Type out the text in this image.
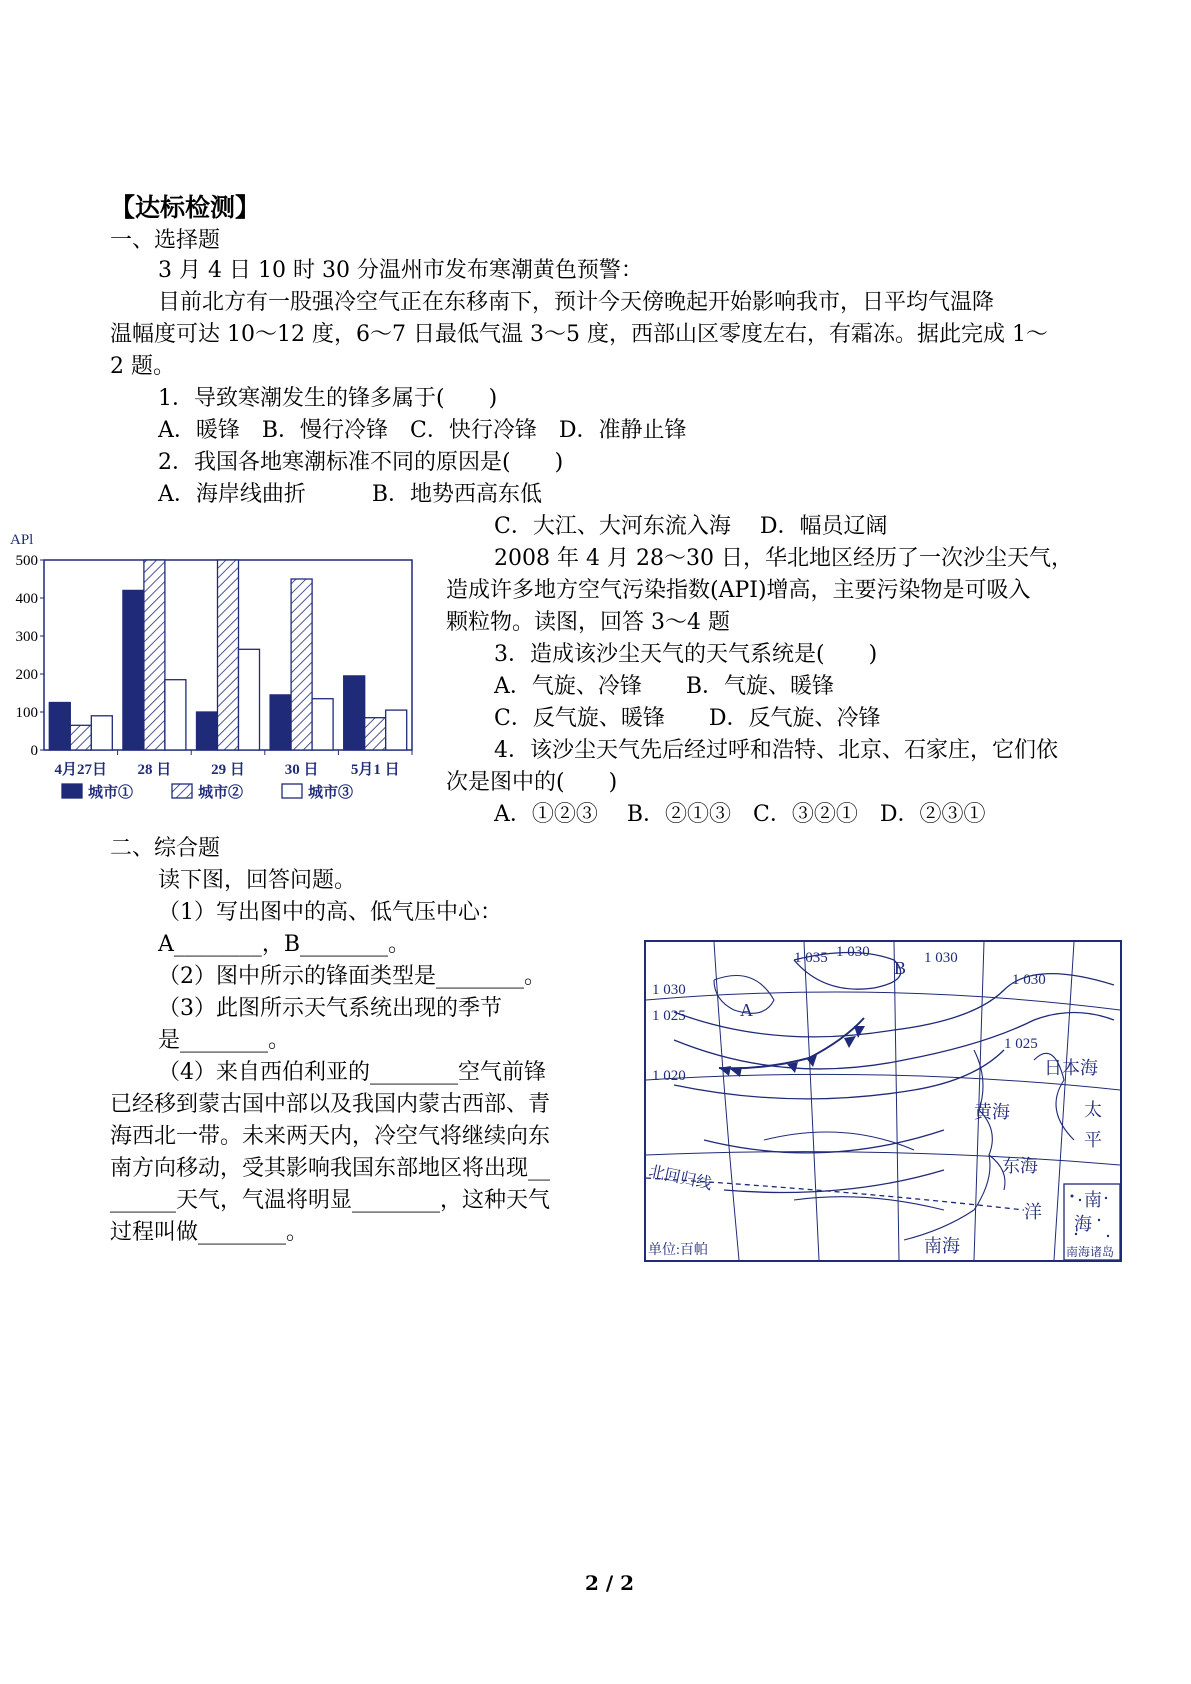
【达标检测】
一、选择题
3 月 4 日 10 时 30 分温州市发布寒潮黄色预警：
目前北方有一股强冷空气正在东移南下，预计今天傍晚起开始影响我市，日平均气温降
温幅度可达 10～12 度，6～7 日最低气温 3～5 度，西部山区零度左右，有霜冻。据此完成 1～
2 题。
1．导致寒潮发生的锋多属于(　　)
A．暖锋　B．慢行冷锋　C．快行冷锋　D．准静止锋
2．我国各地寒潮标准不同的原因是(　　)
A．海岸线曲折　　　B．地势西高东低
C．大江、大河东流入海　 D．幅员辽阔
2008 年 4 月 28～30 日，华北地区经历了一次沙尘天气，
造成许多地方空气污染指数(API)增高，主要污染物是可吸入
颗粒物。读图，回答 3～4 题
3．造成该沙尘天气的天气系统是(　　)
A．气旋、冷锋　　B．气旋、暖锋
C．反气旋、暖锋　　D．反气旋、冷锋
4．该沙尘天气先后经过呼和浩特、北京、石家庄，它们依
次是图中的(　　)
A．①②③　 B．②①③　C．③②①　D．②③①
APl
0
100
200
300
400
500
4月27日 28 日	29 日	30 日 5月1 日
城市①	城市②	城市③
二、综合题
读下图，回答问题。
（1）写出图中的高、低气压中心：
A________，B________。
（2）图中所示的锋面类型是________。
（3）此图所示天气系统出现的季节
是________。
（4）来自西伯利亚的________空气前锋
已经移到蒙古国中部以及我国内蒙古西部、青
海西北一带。未来两天内，冷空气将继续向东
南方向移动，受其影响我国东部地区将出现__
______天气，气温将明显________，这种天气
过程叫做________。
1 035 1 030	1 030
1 030
1 030
1 025
1 025
1 020
A
B
日本海
黄海
东海
太
平
洋
南海
北回归线
单位:百帕
南
海
南海诸岛
2 / 2
